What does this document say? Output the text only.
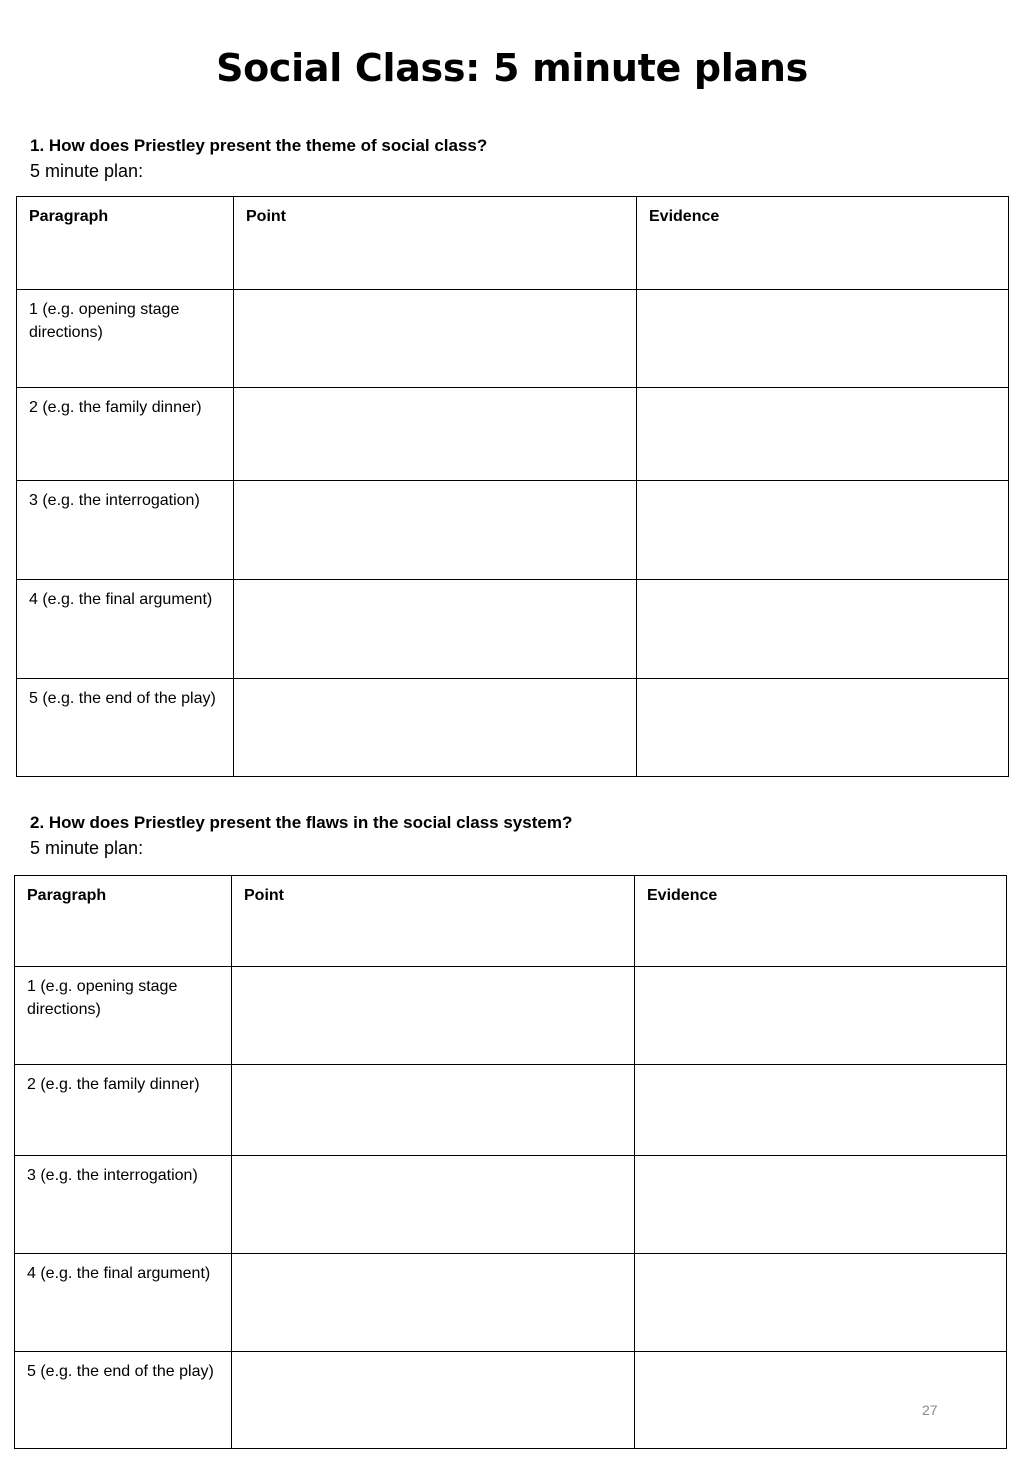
Social Class: 5 minute plans
1. How does Priestley present the theme of social class?
5 minute plan:
Paragraph	Point	Evidence
1 (e.g. opening stage directions)		
2 (e.g. the family dinner)		
3 (e.g. the interrogation)		
4 (e.g. the final argument)		
5 (e.g. the end of the play)		
2. How does Priestley present the flaws in the social class system?
5 minute plan:
Paragraph	Point	Evidence
1 (e.g. opening stage directions)		
2 (e.g. the family dinner)		
3 (e.g. the interrogation)		
4 (e.g. the final argument)		
5 (e.g. the end of the play)		
27
